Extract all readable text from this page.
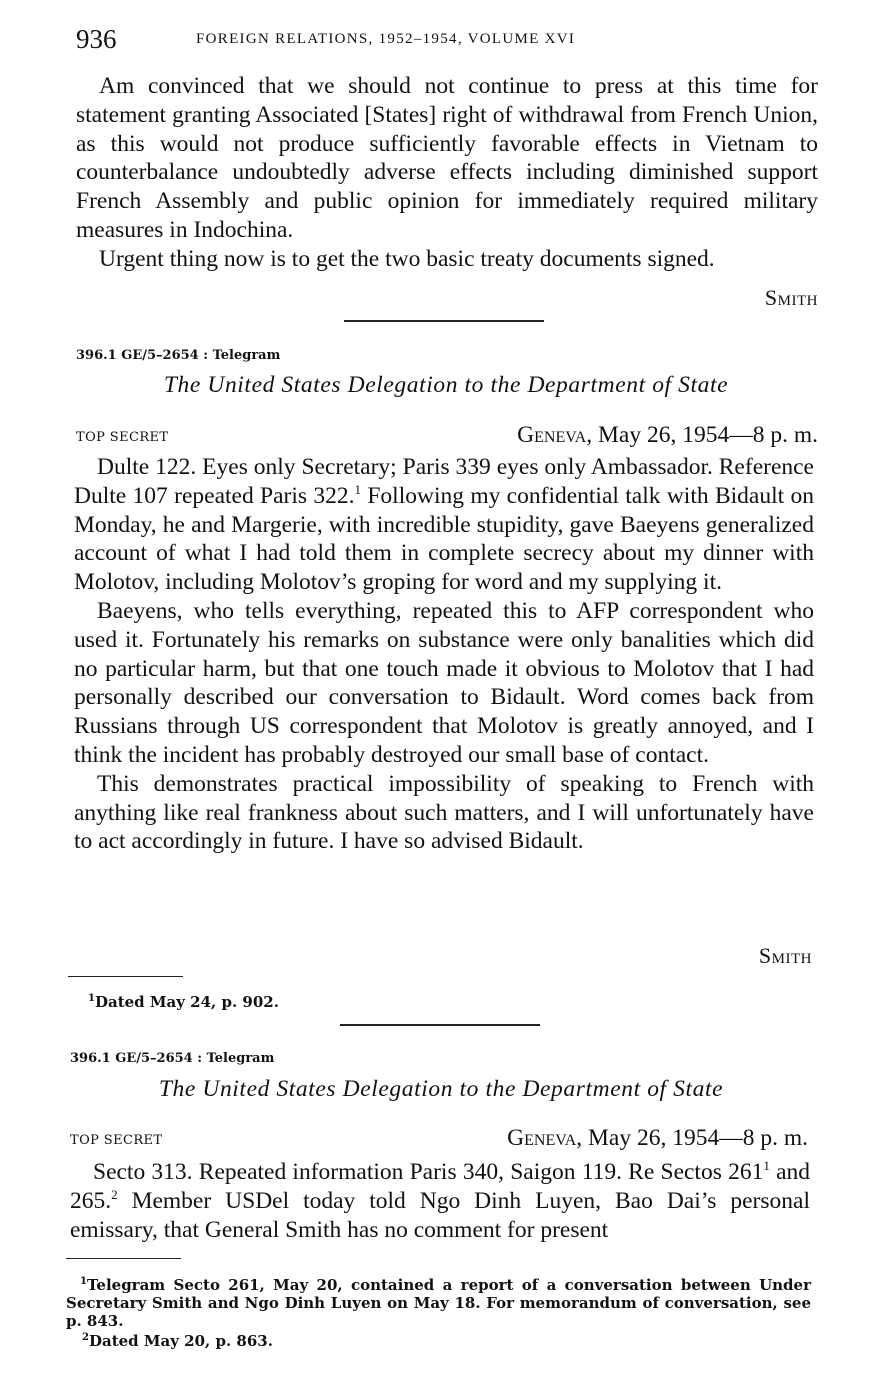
936	FOREIGN RELATIONS, 1952–1954, VOLUME XVI

Am convinced that we should not continue to press at this time for statement granting Associated [States] right of withdrawal from French Union, as this would not produce sufficiently favorable effects in Vietnam to counterbalance undoubtedly adverse effects including diminished support French Assembly and public opinion for immediately required military measures in Indochina.

Urgent thing now is to get the two basic treaty documents signed.

Smith
396.1 GE/5–2654 : Telegram
The United States Delegation to the Department of State
TOP SECRET	Geneva, May 26, 1954—8 p. m.

Dulte 122. Eyes only Secretary; Paris 339 eyes only Ambassador. Reference Dulte 107 repeated Paris 322.$^1$ Following my confidential talk with Bidault on Monday, he and Margerie, with incredible stupidity, gave Baeyens generalized account of what I had told them in complete secrecy about my dinner with Molotov, including Molotov’s groping for word and my supplying it.

Baeyens, who tells everything, repeated this to AFP correspondent who used it. Fortunately his remarks on substance were only banalities which did no particular harm, but that one touch made it obvious to Molotov that I had personally described our conversation to Bidault. Word comes back from Russians through US correspondent that Molotov is greatly annoyed, and I think the incident has probably destroyed our small base of contact.

This demonstrates practical impossibility of speaking to French with anything like real frankness about such matters, and I will unfortunately have to act accordingly in future. I have so advised Bidault.

Smith
$^1$Dated May 24, p. 902.
396.1 GE/5–2654 : Telegram
The United States Delegation to the Department of State
TOP SECRET	Geneva, May 26, 1954—8 p. m.

Secto 313. Repeated information Paris 340, Saigon 119. Re Sectos 261$^1$ and 265.$^2$ Member USDel today told Ngo Dinh Luyen, Bao Dai’s personal emissary, that General Smith has no comment for present

$^1$Telegram Secto 261, May 20, contained a report of a conversation between Under Secretary Smith and Ngo Dinh Luyen on May 18. For memorandum of conversation, see p. 843.
$^2$Dated May 20, p. 863.
